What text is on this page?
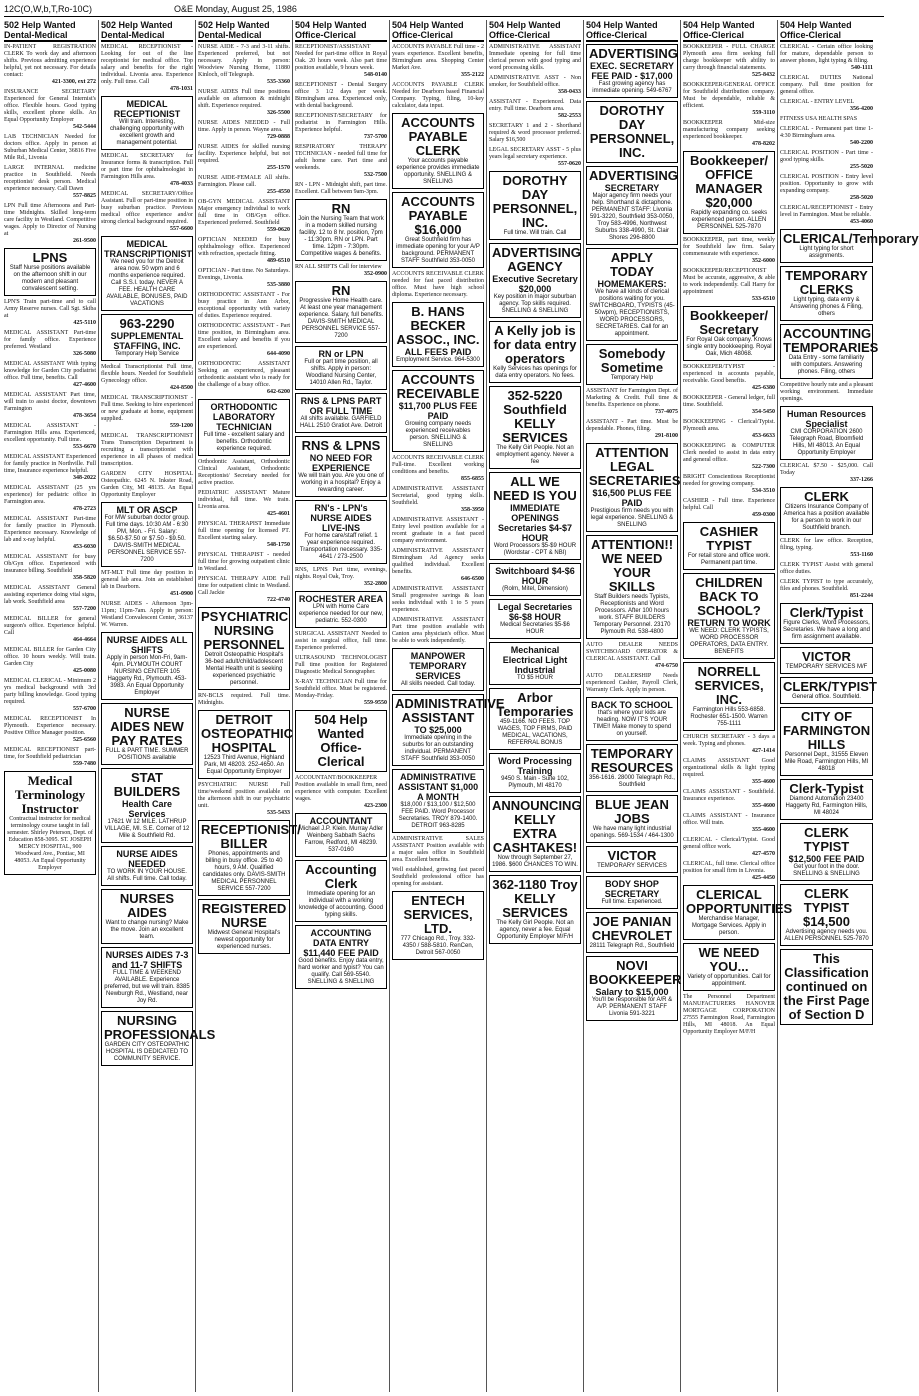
12C(O,W,b,T,Ro-10C)	O&E Monday, August 25, 1986
502 Help Wanted Dental-Medical
IN-PATIENT REGISTRATION CLERK To work day and afternoon shifts. Previous admitting experience helpful, yet not necessary. For details contact:
421-3300, ext 272
INSURANCE SECRETARY Experienced for General Internist's office. Flexible hours. Good typing skills, excellent phone skills. An Equal Opportunity Employer
542-5444
LAB TECHNICIAN Needed for doctors office. Apply in person at Suburban Medical Center, 36816 Five Mile Rd., Livonia
LARGE INTERNAL medicine practice in Southfield. Needs receptionist/ desk person. Medical experience necessary. Call Dawn
557-8825
LPN Full time Afternoons and Part-time Midnights. Skilled long-term care facility in Westland. Competitive wages. Apply to Director of Nursing at
261-9500
LPNS
Staff Nurse positions available on the afternoon shift in our modern and pleasant convalescent setting.
LPN'S Train part-time and to call Army Reserve nurses. Call Sgt. Skiba at
425-5110
MEDICAL ASSISTANT Part-time for family office. Experience preferred. Westland
326-5080
MEDICAL ASSISTANT With typing knowledge for Garden City podiatrist office. Full time, benefits. Call
427-4600
MEDICAL ASSISTANT Part time, will train to assist doctor, downtown Farmington
478-3654
MEDICAL ASSISTANT - Farmington Hills area. Experienced, excellent opportunity. Full time.
553-6670
MEDICAL ASSISTANT Experienced for family practice in Northville. Full time, Insurance experience helpful.
348-2022
MEDICAL ASSISTANT (25 yrs experience) for pediatric office in Farmington area.
478-2723
MEDICAL ASSISTANT Part-time for family practice in Plymouth. Experience necessary. Knowledge of lab and x-ray helpful.
453-6030
MEDICAL ASSISTANT for busy Ob/Gyn office. Experienced with insurance billing. Southfield
358-5820
MEDICAL ASSISTANT General assisting experience doing vital signs, lab work. Southfield area
557-7200
MEDICAL BILLER for general surgeon's office. Experience helpful. Call
464-4664
MEDICAL BILLER for Garden City office. 10 hours weekly. Will train. Garden City
425-0080
MEDICAL CLERICAL - Minimum 2 yrs medical background with 3rd party billing knowledge. Good typing required.
557-6700
MEDICAL RECEPTIONIST In Plymouth. Experience necessary. Positive Office Manager position.
525-6560
MEDICAL RECEPTIONIST part-time, for Southfield pediatrician
559-7480
Medical Terminology Instructor
Contractual instructor for medical terminology course taught in fall semester. Shirley Peterson, Dept. of Education 858-3095. ST. JOSEPH MERCY HOSPITAL, 900 Woodward Ave., Pontiac, MI 48053. An Equal Opportunity Employer
502 Help Wanted Dental-Medical
MEDICAL RECEPTIONIST - Looking for out of the line receptionist for medical office. Top salary and benefits for the right individual. Livonia area. Experience only. Full time. Call
478-1031
MEDICAL RECEPTIONIST
Will train. Interesting, challenging opportunity with excellent growth and management potential.
MEDICAL SECRETARY for Insurance forms & transcription. Full or part time for ophthalmologist in Farmington Hills area.
478-4033
MEDICAL SECRETARY/Office Assistant. Full or part-time position in busy suburban practice. Previous medical office experience and/or strong clerical background required.
557-6600
MEDICAL TRANSCRIPTIONIST
We need you for the Detroit area now. 50 wpm and 6 months experience required. Call S.S.I. today. NEVER A FEE. HEALTH CARE AVAILABLE, BONUSES, PAID VACATIONS
963-2290
SUPPLEMENTAL STAFFING, INC.
Temporary Help Service
Medical Transcriptionist Full time, flexible hours. Needed for Southfield Gynecology office.
424-8500
MEDICAL TRANSCRIPTIONIST - Full time. Seeking to hire experienced or new graduate at home, equipment supplied.
559-1200
MEDICAL TRANSCRIPTIONIST Trans Transcription Department is recruiting a transcriptionist with experience in all phases of medical transcription.
GARDEN CITY HOSPITAL Osteopathic. 6245 N. Inkster Road, Garden City, MI 48135. An Equal Opportunity Employer
MLT OR ASCP
For MW suburban doctor group. Full time days. 10:30 AM - 6:30 PM, Mon. - Fri. Salary: $6.50-$7.50 or $7.50 - $9.50. DAVIS-SMITH MEDICAL PERSONNEL SERVICE 557-7200
MT-MLT Full time day position in general lab area. Join an established lab in Dearborn.
451-0900
NURSE AIDES - Afternoon 3pm-11pm; 11pm-7am. Apply in person: Westland Convalescent Center, 36137 W. Warren.
NURSE AIDES ALL SHIFTS
Apply in person Mon-Fri, 9am-4pm. PLYMOUTH COURT NURSING CENTER 105 Haggerty Rd., Plymouth. 453-3983. An Equal Opportunity Employer
NURSE AIDES NEW PAY RATES
FULL & PART TIME. SUMMER POSITIONS available
STAT BUILDERS
Health Care Services
17621 W 12 MILE. LATHRUP VILLAGE, MI. S.E. Corner of 12 Mile & Southfield Rd.
NURSE AIDES NEEDED
TO WORK IN YOUR HOUSE. All shifts. Full time. Call today.
NURSES AIDES
Want to change nursing? Make the move. Join an excellent team.
NURSES AIDES 7-3 and 11-7 SHIFTS
FULL TIME & WEEKEND AVAILABLE. Experience preferred, but we will train. 8385 Newburgh Rd., Westland, near Joy Rd.
NURSING PROFESSIONALS
GARDEN CITY OSTEOPATHIC HOSPITAL IS DEDICATED TO COMMUNITY SERVICE.
502 Help Wanted Dental-Medical
NURSE AIDE - 7-3 and 3-11 shifts. Experienced preferred, but not necessary. Apply in person: Woodview Nursing Home, 11880 Kinloch, off Telegraph.
535-3360
NURSE AIDES Full time positions available on afternoon & midnight shift. Experience required.
326-5500
NURSE AIDES NEEDED - Full time. Apply in person. Wayne area.
729-0888
NURSE AIDES for skilled nursing facility. Experience helpful, but not required.
255-1570
NURSE AIDE-FEMALE All shifts. Farmington. Please call.
255-4550
OB-GYN MEDICAL ASSISTANT Major emergency individual to work full time in OB/Gyn office. Experienced preferred. Southfield
559-0620
OPTICIAN NEEDED for busy ophthalmology office. Experienced with refraction, spectacle fitting.
489-6510
OPTICIAN - Part time. No Saturdays. Evenings, Livonia.
535-3880
ORTHODONTIC ASSISTANT - For busy practice in Ann Arbor, exceptional opportunity with variety of duties. Experience required.
ORTHODONTIC ASSISTANT - Part time position, in Birmingham area. Excellent salary and benefits if you are experienced.
644-4090
ORTHODONTIC ASSISTANT Seeking an experienced, pleasant orthodontic assistant who is ready for the challenge of a busy office.
642-6200
ORTHODONTIC LABORATORY TECHNICIAN
Full time - excellent salary and benefits. Orthodontic experience required.
Orthodontic Assistant, Orthodontic Clinical Assistant, Orthodontic Receptionist/ Secretary needed for active practice.
PEDIATRIC ASSISTANT Mature individual, full time. We train. Livonia area.
425-4601
PHYSICAL THERAPIST Immediate full time opening for licensed PT. Excellent starting salary.
548-1750
PHYSICAL THERAPIST - needed full time for growing outpatient clinic in Westland.
PHYSICAL THERAPY AIDE Full time for outpatient clinic in Westland. Call Jackie
722-4740
PSYCHIATRIC NURSING PERSONNEL
Detroit Osteopathic Hospital's 36-bed adult/child/adolescent Mental Health unit is seeking experienced psychiatric personnel.
RN-BCLS required. Full time. Midnights.
DETROIT OSTEOPATHIC HOSPITAL
12523 Third Avenue, Highland Park, MI 48203. 252-4650. An Equal Opportunity Employer
PSYCHIATRIC NURSE Full time/weekend position available on the afternoon shift in our psychiatric unit.
535-5433
RECEPTIONIST/ BILLER
Phones, appointments and billing in busy office. 25 to 40 hours, 9 AM. Qualified candidates only. DAVIS-SMITH MEDICAL PERSONNEL SERVICE 557-7200
REGISTERED NURSE
Midwest General Hospital's newest opportunity for experienced nurses.
504 Help Wanted Office-Clerical
RECEPTIONIST/ASSISTANT Needed for part-time office in Royal Oak. 20 hours week. Also part time position available, 9 hours week.
548-0140
RECEPTIONIST - Dental Surgery office 3 1/2 days per week. Birmingham area. Experienced only, with dental background.
RECEPTIONIST/SECRETARY for podiatrist in Farmington Hills. Experience helpful.
737-5700
RESPIRATORY THERAPY TECHNICIAN - needed full time for adult home care. Part time and weekends.
532-7500
RN - LPN - Midnight shift, part time. Excellent. Call between 9am-3pm.
RN
Join the Nursing Team that work in a modern skilled nursing facility. 12 to 8 hr. position, 7pm - 11:30pm. RN or LPN. Part time. 12pm - 7:30pm. Competitive wages & benefits.
RN ALL SHIFTS Call for interview
352-0900
RN
Progressive Home Health care. At least one year management experience. Salary, full benefits. DAVIS-SMITH MEDICAL PERSONNEL SERVICE 557-7200
RN or LPN
Full or part time position, all shifts. Apply in person: Woodland Nursing Center, 14010 Allen Rd., Taylor.
RNS & LPNS PART OR FULL TIME
All shifts available. GARFIELD HALL 2510 Gratiot Ave. Detroit
RNS & LPNS
NO NEED FOR EXPERIENCE
We will train you. Are you one of working in a hospital? Enjoy a rewarding career.
RN's - LPN's NURSE AIDES LIVE-INS
For home care/staff relief. 1 year experience required. Transportation necessary. 335-4641 / 273-2500
RNS, LPNS Part time, evenings, nights. Royal Oak, Troy.
352-2800
ROCHESTER AREA
LPN with Home Care experience needed for our new, pediatric. 552-0300
SURGICAL ASSISTANT Needed to assist in surgical office, full time. Experience preferred.
ULTRASOUND TECHNOLOGIST Full time position for Registered Diagnostic Medical Sonographer.
X-RAY TECHNICIAN Full time for Southfield office. Must be registered. Monday-Friday.
559-9550
504 Help Wanted Office-Clerical
ACCOUNTANT/BOOKKEEPER Position available in small firm, need experience with computer. Excellent wages.
423-2300
ACCOUNTANT
Michael J.P. Klein. Murray Adler Weinberg Sabbath Sachs Farrow, Redford, MI 48239. 537-0160
Accounting Clerk
Immediate opening for an individual with a working knowledge of accounting. Good typing skills.
ACCOUNTING DATA ENTRY $11,440 FEE PAID
Good benefits. Enjoy data entry, hard worker and typist? You can qualify. Call 569-5540. SNELLING & SNELLING
504 Help Wanted Office-Clerical
ACCOUNTS PAYABLE Full time - 2 years experience. Excellent benefits, Birmingham area. Shopping Center Market Ave.
355-2122
ACCOUNTS PAYABLE CLERK Needed for Dearborn based Financial Company. Typing, filing, 10-key calculator, data input.
ACCOUNTS PAYABLE CLERK
Your accounts payable experience provides immediate opportunity. SNELLING & SNELLING
ACCOUNTS PAYABLE $16,000
Great Southfield firm has immediate opening for your A/P background. PERMANENT STAFF Southfield 353-0050
ACCOUNTS RECEIVABLE CLERK needed for fast paced distribution office. Must have high school diploma. Experience necessary.
B. HANS BECKER ASSOC., INC.
ALL FEES PAID
Employment Service. 964-5300
ACCOUNTS RECEIVABLE
$11,700 PLUS FEE PAID
Growing company needs experienced receivables person. SNELLING & SNELLING
ACCOUNTS RECEIVABLE CLERK Full-time. Excellent working conditions and benefits.
855-6855
ADMINISTRATIVE ASSISTANT Secretarial, good typing skills. Southfield.
358-3950
ADMINISTRATIVE ASSISTANT - Entry level position available for a recent graduate in a fast paced company environment.
ADMINISTRATIVE ASSISTANT Birmingham Ad Agency seeks qualified individual. Excellent benefits.
646-6500
ADMINISTRATIVE ASSISTANT Small progressive savings & loan seeks individual with 1 to 5 years experience.
ADMINISTRATIVE ASSISTANT Part time position available with Canton area physician's office. Must be able to work independently.
MANPOWER TEMPORARY SERVICES
All skills needed. Call today.
ADMINISTRATIVE ASSISTANT
TO $25,000
Immediate opening in the suburbs for an outstanding individual. PERMANENT STAFF Southfield 353-0050
ADMINISTRATIVE ASSISTANT $1,000 A MONTH
$18,000 / $13,100 / $12,500 FEE PAID. Word Processor Secretaries. TROY 879-1400. DETROIT 963-8285
ADMINISTRATIVE SALES ASSISTANT Position available with a major sales office in Southfield area. Excellent benefits.
Well established, growing fast paced Southfield professional office has opening for assistant.
ENTECH SERVICES, LTD.
777 Chicago Rd., Troy. 332-4350 / 588-5810. RenCen, Detroit 567-0050
504 Help Wanted Office-Clerical
ADMINISTRATIVE ASSISTANT Immediate opening for full time clerical person with good typing and word processing skills.
ADMINISTRATIVE ASST - Non smoker, for Southfield office.
358-0433
ASSISTANT - Experienced. Data entry. Full time. Dearborn area.
582-2553
SECRETARY 1 and 2 - Shorthand required & word processor preferred. Salary $16,500
LEGAL SECRETARY ASST - 5 plus years legal secretary experience.
557-0620
DOROTHY DAY PERSONNEL, INC.
Full time. Will train. Call
ADVERTISING AGENCY
Executive Secretary $20,000
Key position in major suburban agency. Top skills required. SNELLING & SNELLING
A Kelly job is for data entry operators
Kelly Services has openings for data entry operators. No fees.
352-5220 Southfield KELLY SERVICES
The Kelly Girl People. Not an employment agency. Never a fee
ALL WE NEED IS YOU
IMMEDIATE OPENINGS Secretaries $4-$7 HOUR
Word Processors $5-$9 HOUR (Wordstar - CPT & NBI)
Switchboard $4-$6 HOUR
(Rolm, Mitel, Dimension)
Legal Secretaries $6-$8 HOUR
Medical Secretaries $5-$6 HOUR
Mechanical Electrical Light Industrial
TO $5 HOUR
Arbor Temporaries
459-1166. NO FEES. TOP WAGES, TOP FIRMS, PAID MEDICAL, VACATIONS, REFERRAL BONUS
Word Processing Training
9450 S. Main - Suite 102, Plymouth, MI 48170
ANNOUNCING KELLY EXTRA CASHTAKES!
Now through September 27, 1986. $600 CHANCES TO WIN.
362-1180 Troy KELLY SERVICES
The Kelly Girl People. Not an agency, never a fee. Equal Opportunity Employer M/F/H
504 Help Wanted Office-Clerical
ADVERTISING
EXEC. SECRETARY FEE PAID - $17,000
Fast growing agency has immediate opening. 549-6767
DOROTHY DAY PERSONNEL, INC.
ADVERTISING
SECRETARY
Major agency firm needs your help. Shorthand & dictaphone. PERMANENT STAFF: Livonia 591-3220, Southfield 353-0050, Troy 583-4996, Northwest Suburbs 338-4990, St. Clair Shores 296-8800
APPLY TODAY
HOMEMAKERS:
We have all kinds of clerical positions waiting for you. SWITCHBOARD, TYPISTS (45-50wpm), RECEPTIONISTS, WORD PROCESSORS, SECRETARIES. Call for an appointment.
Somebody Sometime
Temporary Help
ASSISTANT for Farmington Dept. of Marketing & Credit. Full time & benefits. Experience on phone.
737-4075
ASSISTANT - Part time. Must be dependable. Phones, filing.
291-8100
ATTENTION LEGAL SECRETARIES
$16,500 PLUS FEE PAID
Prestigious firm needs you with legal experience. SNELLING & SNELLING
ATTENTION!! WE NEED YOUR SKILLS
Staff Builders needs Typists, Receptionists and Word Processors. After 100 hours work. STAFF BUILDERS Temporary Personnel. 23170 Plymouth Rd. 538-4800
AUTO DEALER NEEDS SWITCHBOARD OPERATOR & CLERICAL ASSISTANT. Call
474-6750
AUTO DEALERSHIP Needs experienced Cashier, Payroll Clerk, Warranty Clerk. Apply in person.
BACK TO SCHOOL
that's where your kids are heading. NOW IT'S YOUR TIME!! Make money to spend on yourself.
TEMPORARY RESOURCES
356-1616. 28000 Telegraph Rd., Southfield
BLUE JEAN JOBS
We have many light industrial openings. 569-1534 / 464-1300
VICTOR
TEMPORARY SERVICES
BODY SHOP SECRETARY
Full time. Experienced.
JOE PANIAN CHEVROLET
28111 Telegraph Rd., Southfield
NOVI BOOKKEEPER
Salary to $15,000
You'll be responsible for A/R & A/P. PERMANENT STAFF Livonia 591-3221
504 Help Wanted Office-Clerical
BOOKKEEPER - FULL CHARGE Plymouth area firm seeking full charge bookkeeper with ability to carry through financial statements.
525-8432
BOOKKEEPER/GENERAL OFFICE for Southfield distribution company. Must be dependable, reliable & efficient.
559-3110
BOOKKEEPER Mid-size manufacturing company seeking experienced bookkeeper.
478-8202
Bookkeeper/ OFFICE MANAGER $20,000
Rapidly expanding co. seeks experienced person. ALLEN PERSONNEL 525-7870
BOOKKEEPER, part time, weekly for Southfield law firm. Salary commensurate with experience.
352-6000
BOOKKEEPER/RECEPTIONIST Must be accurate, aggressive, & able to work independently. Call Harry for appointment
533-6510
Bookkeeper/ Secretary
For Royal Oak company. Knows single entry bookkeeping. Royal Oak, Mich 48068.
BOOKKEEPER/TYPIST - experienced in accounts payable, receivable. Good benefits.
425-6380
BOOKKEEPER - General ledger, full time. Southfield.
354-5450
BOOKKEEPING - Clerical/Typist. Plymouth area.
453-6633
BOOKKEEPING & COMPUTER Clerk needed to assist in data entry and general office.
522-7300
BRIGHT Conscientious Receptionist needed for growing company.
534-3510
CASHIER - Full time. Experience helpful. Call
459-0300
CASHIER TYPIST
For retail store and office work. Permanent part time.
CHILDREN BACK TO SCHOOL?
RETURN TO WORK
WE NEED: CLERK TYPISTS, WORD PROCESSOR OPERATORS, DATA ENTRY. BENEFITS
NORRELL SERVICES, INC.
Farmington Hills 553-6858. Rochester 651-1500. Warren 755-1111
CHURCH SECRETARY - 3 days a week. Typing and phones.
427-1414
CLAIMS ASSISTANT Good organizational skills & light typing required.
355-4600
CLAIMS ASSISTANT - Southfield. Insurance experience.
355-4600
CLAIMS ASSISTANT - Insurance office. Will train.
355-4600
CLERICAL - Clerical/Typist. Good general office work.
427-4570
CLERICAL, full time. Clerical office position for small firm in Livonia.
425-4450
CLERICAL OPPORTUNITIES
Merchandise Manager, Mortgage Services. Apply in person.
WE NEED YOU...
Variety of opportunities. Call for appointment.
The Personnel Department MANUFACTURERS HANOVER MORTGAGE CORPORATION 27555 Farmington Road, Farmington Hills, MI 48018. An Equal Opportunity Employer M/F/H
504 Help Wanted Office-Clerical
CLERICAL - Certain office looking for mature, dependable person to answer phones, light typing & filing.
540-1111
CLERICAL DUTIES National company. Full time position for general office.
CLERICAL - ENTRY LEVEL
356-4200
FITNESS USA HEALTH SPAS
CLERICAL - Permanent part time 1-4:30 Birmingham area.
540-2200
CLERICAL POSITION - Part time - good typing skills.
255-5020
CLERICAL POSITION - Entry level position. Opportunity to grow with expanding company.
258-5020
CLERICAL/RECEPTIONIST - Entry level in Farmington. Must be reliable.
453-4060
CLERICAL/Temporary
Light typing for short assignments.
TEMPORARY CLERKS
Light typing, data entry & Answering phones & Filing, others
ACCOUNTING TEMPORARIES
Data Entry - some familiarity with computers. Answering phones. Filing, others
Competitive hourly rate and a pleasant working environment. Immediate openings.
Human Resources Specialist
CMI CORPORATION 2600 Telegraph Road, Bloomfield Hills, MI 48013. An Equal Opportunity Employer
CLERICAL $7.50 - $25,000. Call Today
337-1266
CLERK
Citizens Insurance Company of America has a position available for a person to work in our Southfield branch.
CLERK for law office. Reception, filing, typing.
553-1160
CLERK TYPIST Assist with general office duties.
CLERK TYPIST to type accurately, files and phones. Southfield.
851-2244
Clerk/Typist
Figure Clerks, Word Processors, Secretaries. We have a long and firm assignment available.
VICTOR
TEMPORARY SERVICES M/F
CLERK/TYPIST
General office. Southfield.
CITY OF FARMINGTON HILLS
Personnel Dept., 31555 Eleven Mile Road, Farmington Hills, MI 48018
Clerk-Typist
Diamond Automation 23400 Haggerty Rd, Farmington Hills, MI 48024
CLERK TYPIST
$12,500 FEE PAID
Get your foot in the door. SNELLING & SNELLING
CLERK TYPIST $14,500
Advertising agency needs you. ALLEN PERSONNEL 525-7870
This Classification continued on the First Page of Section D
